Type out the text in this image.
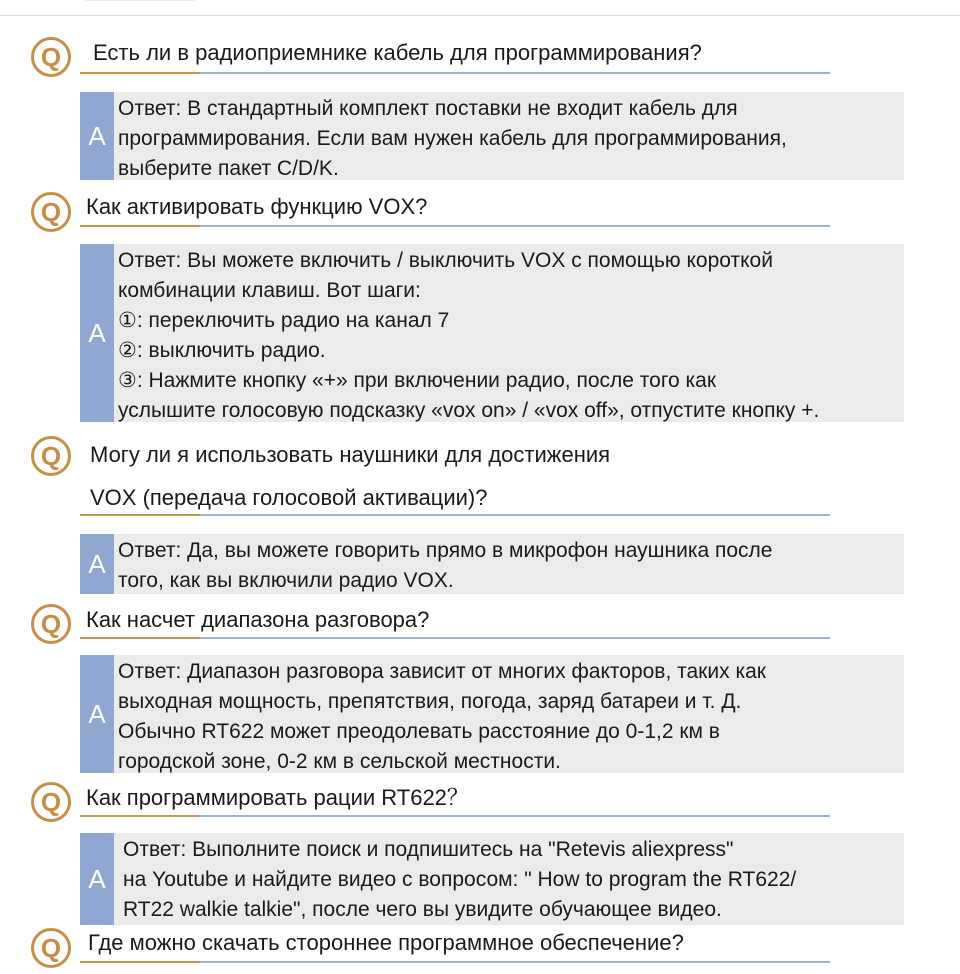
Q Есть ли в радиоприемнике кабель для программирования?
A
Ответ: В стандартный комплект поставки не входит кабель для
программирования. Если вам нужен кабель для программирования,
выберите пакет C/D/K.
Q Как активировать функцию VOX?
A
Ответ: Вы можете включить / выключить VOX с помощью короткой
комбинации клавиш. Вот шаги:
①: переключить радио на канал 7
②: выключить радио.
③: Нажмите кнопку «+» при включении радио, после того как
услышите голосовую подсказку «vox on» / «vox off», отпустите кнопку +.
Q Могу ли я использовать наушники для достижения
VOX (передача голосовой активации)?
A Ответ: Да, вы можете говорить прямо в микрофон наушника после
того, как вы включили радио VOX.
Q Как насчет диапазона разговора?
A
Ответ: Диапазон разговора зависит от многих факторов, таких как
выходная мощность, препятствия, погода, заряд батареи и т. Д.
Обычно RT622 может преодолевать расстояние до 0-1,2 км в
городской зоне, 0-2 км в сельской местности.
Q Как программировать рации RT622？
A
Ответ: Выполните поиск и подпишитесь на "Retevis aliexpress"
на Youtube и найдите видео с вопросом: " How to program the RT622/
RT22 walkie talkie", после чего вы увидите обучающее видео.
Q Где можно скачать стороннее программное обеспечение?
